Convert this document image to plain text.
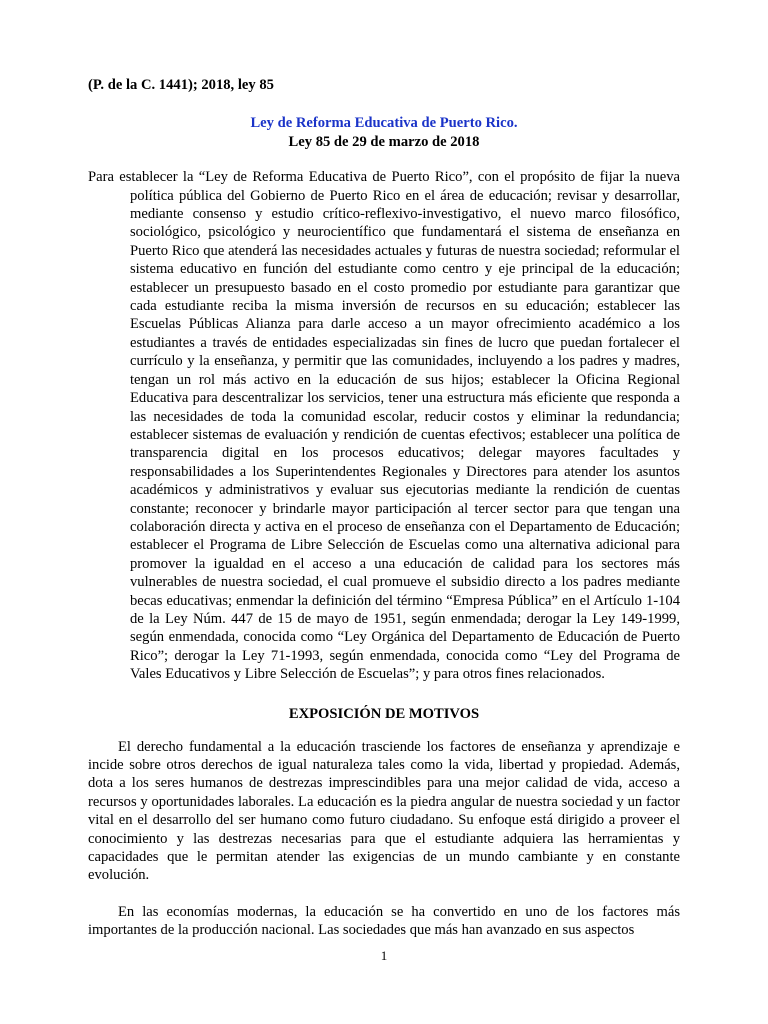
(P. de la C. 1441); 2018, ley 85

Ley de Reforma Educativa de Puerto Rico.

Ley 85 de 29 de marzo de 2018

Para establecer la “Ley de Reforma Educativa de Puerto Rico”, con el propósito de fijar la nueva política pública del Gobierno de Puerto Rico en el área de educación; revisar y desarrollar, mediante consenso y estudio crítico-reflexivo-investigativo, el nuevo marco filosófico, sociológico, psicológico y neurocientífico que fundamentará el sistema de enseñanza en Puerto Rico que atenderá las necesidades actuales y futuras de nuestra sociedad; reformular el sistema educativo en función del estudiante como centro y eje principal de la educación; establecer un presupuesto basado en el costo promedio por estudiante para garantizar que cada estudiante reciba la misma inversión de recursos en su educación; establecer las Escuelas Públicas Alianza para darle acceso a un mayor ofrecimiento académico a los estudiantes a través de entidades especializadas sin fines de lucro que puedan fortalecer el currículo y la enseñanza, y permitir que las comunidades, incluyendo a los padres y madres, tengan un rol más activo en la educación de sus hijos; establecer la Oficina Regional Educativa para descentralizar los servicios, tener una estructura más eficiente que responda a las necesidades de toda la comunidad escolar, reducir costos y eliminar la redundancia; establecer sistemas de evaluación y rendición de cuentas efectivos; establecer una política de transparencia digital en los procesos educativos; delegar mayores facultades y responsabilidades a los Superintendentes Regionales y Directores para atender los asuntos académicos y administrativos y evaluar sus ejecutorias mediante la rendición de cuentas constante; reconocer y brindarle mayor participación al tercer sector para que tengan una colaboración directa y activa en el proceso de enseñanza con el Departamento de Educación; establecer el Programa de Libre Selección de Escuelas como una alternativa adicional para promover la igualdad en el acceso a una educación de calidad para los sectores más vulnerables de nuestra sociedad, el cual promueve el subsidio directo a los padres mediante becas educativas; enmendar la definición del término “Empresa Pública” en el Artículo 1-104 de la Ley Núm. 447 de 15 de mayo de 1951, según enmendada; derogar la Ley 149-1999, según enmendada, conocida como “Ley Orgánica del Departamento de Educación de Puerto Rico”; derogar la Ley 71-1993, según enmendada, conocida como “Ley del Programa de Vales Educativos y Libre Selección de Escuelas”; y para otros fines relacionados.

EXPOSICIÓN DE MOTIVOS

El derecho fundamental a la educación trasciende los factores de enseñanza y aprendizaje e incide sobre otros derechos de igual naturaleza tales como la vida, libertad y propiedad. Además, dota a los seres humanos de destrezas imprescindibles para una mejor calidad de vida, acceso a recursos y oportunidades laborales. La educación es la piedra angular de nuestra sociedad y un factor vital en el desarrollo del ser humano como futuro ciudadano. Su enfoque está dirigido a proveer el conocimiento y las destrezas necesarias para que el estudiante adquiera las herramientas y capacidades que le permitan atender las exigencias de un mundo cambiante y en constante evolución.

En las economías modernas, la educación se ha convertido en uno de los factores más importantes de la producción nacional. Las sociedades que más han avanzado en sus aspectos

1
